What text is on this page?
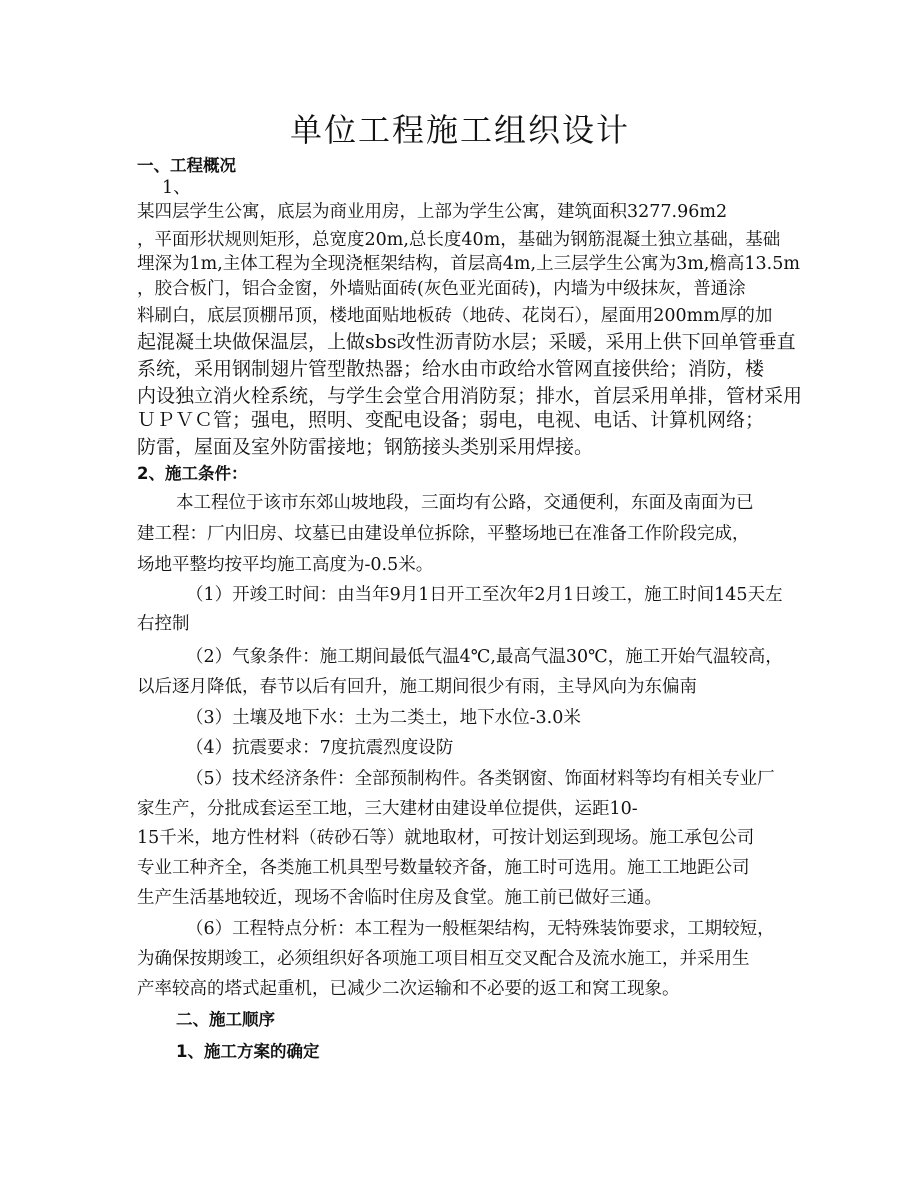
单位工程施工组织设计
一、工程概况
1、
某四层学生公寓，底层为商业用房，上部为学生公寓，建筑面积3277.96m2
，平面形状规则矩形，总宽度20m,总长度40m，基础为钢筋混凝土独立基础，基础
埋深为1m,主体工程为全现浇框架结构，首层高4m,上三层学生公寓为3m,檐高13.5m
，胶合板门，铝合金窗，外墙贴面砖(灰色亚光面砖)，内墙为中级抹灰，普通涂
料刷白，底层顶棚吊顶，楼地面贴地板砖（地砖、花岗石），屋面用200mm厚的加
起混凝土块做保温层，上做sbs改性沥青防水层；采暖，采用上供下回单管垂直
系统，采用钢制翅片管型散热器；给水由市政给水管网直接供给；消防，楼
内设独立消火栓系统，与学生会堂合用消防泵；排水，首层采用单排，管材采用
ＵＰＶＣ管；强电，照明、变配电设备；弱电，电视、电话、计算机网络；
防雷，屋面及室外防雷接地；钢筋接头类别采用焊接。
2、施工条件：
本工程位于该市东郊山坡地段，三面均有公路，交通便利，东面及南面为已
建工程：厂内旧房、坟墓已由建设单位拆除，平整场地已在准备工作阶段完成，
场地平整均按平均施工高度为-0.5米。
（1）开竣工时间：由当年9月1日开工至次年2月1日竣工，施工时间145天左
右控制
（2）气象条件：施工期间最低气温4℃,最高气温30℃，施工开始气温较高，
以后逐月降低，春节以后有回升，施工期间很少有雨，主导风向为东偏南
（3）土壤及地下水：土为二类土，地下水位-3.0米
（4）抗震要求：7度抗震烈度设防
（5）技术经济条件：全部预制构件。各类钢窗、饰面材料等均有相关专业厂
家生产，分批成套运至工地，三大建材由建设单位提供，运距10-
15千米，地方性材料（砖砂石等）就地取材，可按计划运到现场。施工承包公司
专业工种齐全，各类施工机具型号数量较齐备，施工时可选用。施工工地距公司
生产生活基地较近，现场不舍临时住房及食堂。施工前已做好三通。
（6）工程特点分析：本工程为一般框架结构，无特殊装饰要求，工期较短，
为确保按期竣工，必须组织好各项施工项目相互交叉配合及流水施工，并采用生
产率较高的塔式起重机，已减少二次运输和不必要的返工和窝工现象。
二、施工顺序
1、施工方案的确定
